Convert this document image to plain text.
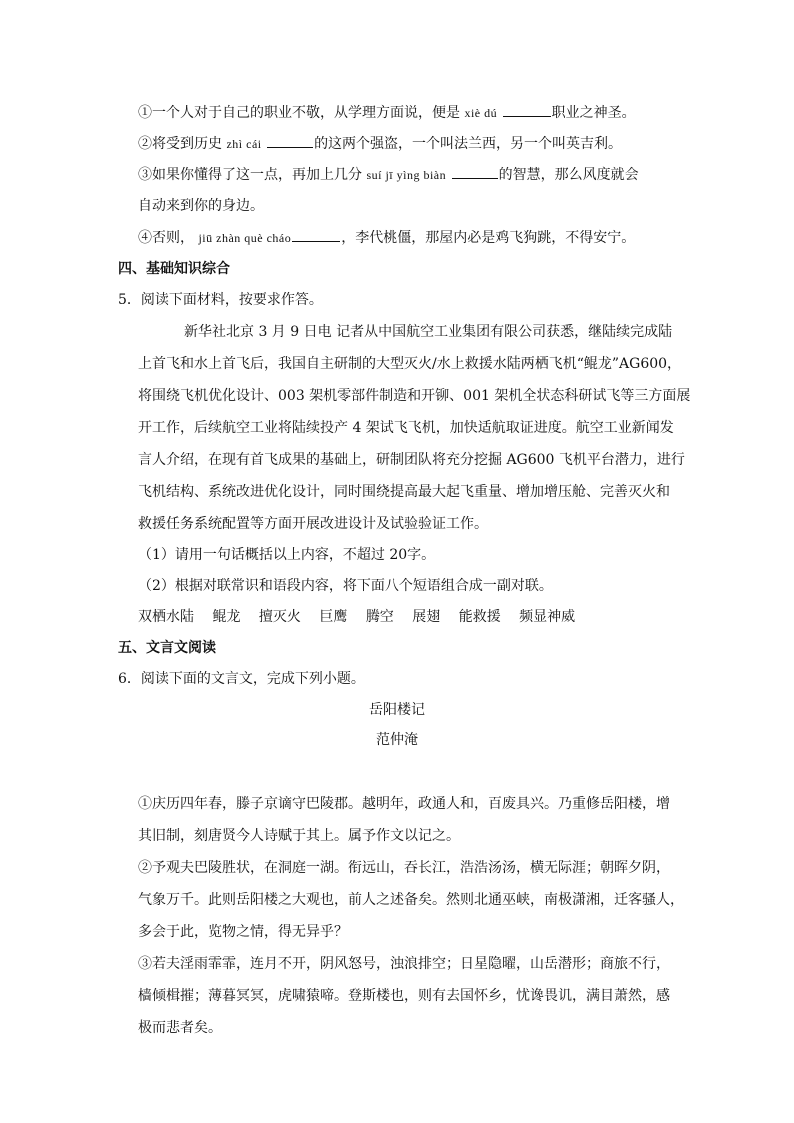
①一个人对于自己的职业不敬，从学理方面说，便是 xiè dú	职业之神圣。
②将受到历史 zhì cái	的这两个强盗，一个叫法兰西，另一个叫英吉利。
③如果你懂得了这一点，再加上几分 suí jī yìng biàn	的智慧，那么风度就会
自动来到你的身边。
④否则， jiū zhàn què cháo	，李代桃僵，那屋内必是鸡飞狗跳，不得安宁。
四、基础知识综合
5．阅读下面材料，按要求作答。
新华社北京 3 月 9 日电 记者从中国航空工业集团有限公司获悉，继陆续完成陆
上首飞和水上首飞后，我国自主研制的大型灭火/水上救援水陆两栖飞机“鲲龙”AG600，
将围绕飞机优化设计、003 架机零部件制造和开铆、001 架机全状态科研试飞等三方面展
开工作，后续航空工业将陆续投产 4 架试飞飞机，加快适航取证进度。航空工业新闻发
言人介绍，在现有首飞成果的基础上，研制团队将充分挖掘 AG600 飞机平台潜力，进行
飞机结构、系统改进优化设计，同时围绕提高最大起飞重量、增加增压舱、完善灭火和
救援任务系统配置等方面开展改进设计及试验验证工作。
（1）请用一句话概括以上内容，不超过 20字。
（2）根据对联常识和语段内容，将下面八个短语组合成一副对联。
双栖水陆 鲲龙 擅灭火 巨鹰 腾空 展翅 能救援 频显神威
五、文言文阅读
6．阅读下面的文言文，完成下列小题。
岳阳楼记
范仲淹
①庆历四年春，滕子京谪守巴陵郡。越明年，政通人和，百废具兴。乃重修岳阳楼，增
其旧制，刻唐贤今人诗赋于其上。属予作文以记之。
②予观夫巴陵胜状，在洞庭一湖。衔远山，吞长江，浩浩汤汤，横无际涯；朝晖夕阴，
气象万千。此则岳阳楼之大观也，前人之述备矣。然则北通巫峡，南极潇湘，迁客骚人，
多会于此，览物之情，得无异乎？
③若夫淫雨霏霏，连月不开，阴风怒号，浊浪排空；日星隐曜，山岳潜形；商旅不行，
樯倾楫摧；薄暮冥冥，虎啸猿啼。登斯楼也，则有去国怀乡，忧谗畏讥，满目萧然，感
极而悲者矣。
